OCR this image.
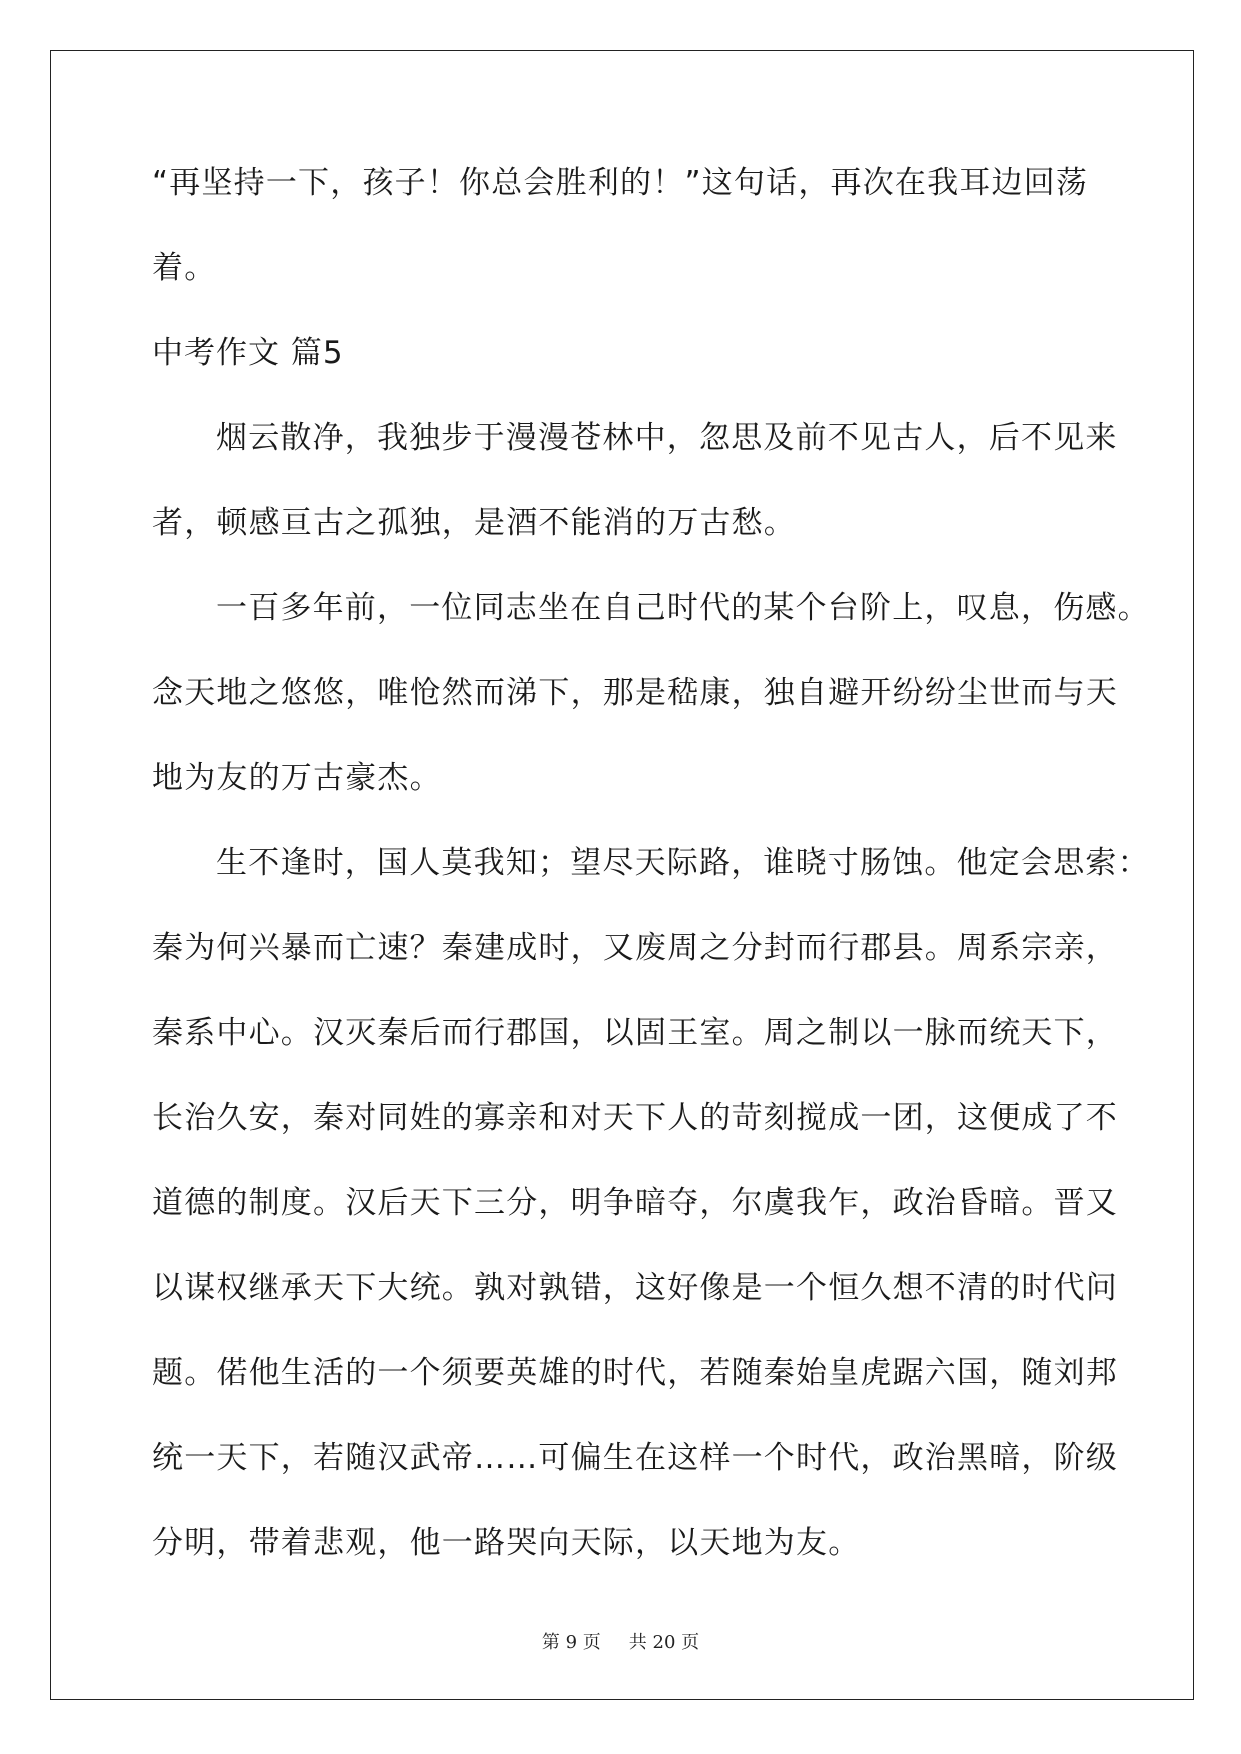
“再坚持一下，孩子！你总会胜利的！”这句话，再次在我耳边回荡
着。
中考作文 篇5
烟云散净，我独步于漫漫苍林中，忽思及前不见古人，后不见来
者，顿感亘古之孤独，是酒不能消的万古愁。
一百多年前，一位同志坐在自己时代的某个台阶上，叹息，伤感。
念天地之悠悠，唯怆然而涕下，那是嵇康，独自避开纷纷尘世而与天
地为友的万古豪杰。
生不逢时，国人莫我知；望尽天际路，谁晓寸肠蚀。他定会思索：
秦为何兴暴而亡速？秦建成时，又废周之分封而行郡县。周系宗亲，
秦系中心。汉灭秦后而行郡国，以固王室。周之制以一脉而统天下，
长治久安，秦对同姓的寡亲和对天下人的苛刻搅成一团，这便成了不
道德的制度。汉后天下三分，明争暗夺，尔虞我乍，政治昏暗。晋又
以谋权继承天下大统。孰对孰错，这好像是一个恒久想不清的时代问
题。偌他生活的一个须要英雄的时代，若随秦始皇虎踞六国，随刘邦
统一天下，若随汉武帝……可偏生在这样一个时代，政治黑暗，阶级
分明，带着悲观，他一路哭向天际，以天地为友。
第 9 页 共 20 页
